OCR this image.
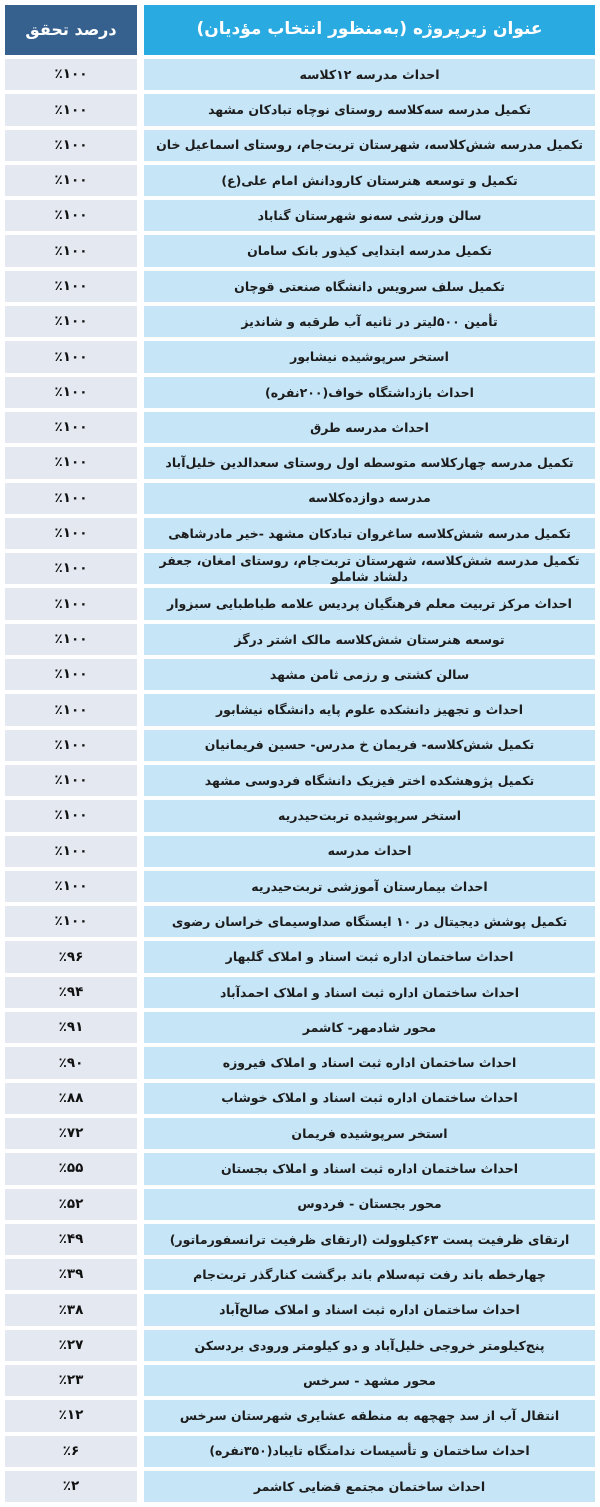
عنوان زیرپروژه (به‌منظور انتخاب مؤدیان)
درصد تحقق
احداث مدرسه ۱۲کلاسه
٪۱۰۰
تکمیل مدرسه سه‌کلاسه روستای نوچاه تبادکان مشهد
٪۱۰۰
تکمیل مدرسه شش‌کلاسه، شهرستان تربت‌جام، روستای اسماعیل خان
٪۱۰۰
تکمیل و توسعه هنرستان کارودانش امام علی(ع)
٪۱۰۰
سالن ورزشی سه‌نو شهرستان گناباد
٪۱۰۰
تکمیل مدرسه ابتدایی کیذور بانک سامان
٪۱۰۰
تکمیل سلف سرویس دانشگاه صنعتی قوچان
٪۱۰۰
تأمین ۵۰۰لیتر در ثانیه آب طرقبه و شاندیز
٪۱۰۰
استخر سرپوشیده نیشابور
٪۱۰۰
احداث بازداشتگاه خواف(۲۰۰نفره)
٪۱۰۰
احداث مدرسه طرق
٪۱۰۰
تکمیل مدرسه چهارکلاسه متوسطه اول روستای سعدالدین خلیل‌آباد
٪۱۰۰
مدرسه دوازده‌کلاسه
٪۱۰۰
تکمیل مدرسه شش‌کلاسه ساغروان تبادکان مشهد -خیر مادرشاهی
٪۱۰۰
تکمیل مدرسه شش‌کلاسه، شهرستان تربت‌جام، روستای امغان، جعفر دلشاد شاملو
٪۱۰۰
احداث مرکز تربیت معلم فرهنگیان پردیس علامه طباطبایی سبزوار
٪۱۰۰
توسعه هنرستان شش‌کلاسه مالک اشتر درگز
٪۱۰۰
سالن کشتی و رزمی ثامن مشهد
٪۱۰۰
احداث و تجهیز دانشکده علوم پایه دانشگاه نیشابور
٪۱۰۰
تکمیل شش‌کلاسه- فریمان خ مدرس- حسین فریمانیان
٪۱۰۰
تکمیل پژوهشکده اختر فیزیک دانشگاه فردوسی مشهد
٪۱۰۰
استخر سرپوشیده تربت‌حیدریه
٪۱۰۰
احداث مدرسه
٪۱۰۰
احداث بیمارستان آموزشی تربت‌حیدریه
٪۱۰۰
تکمیل پوشش دیجیتال در ۱۰ ایستگاه صداوسیمای خراسان رضوی
٪۱۰۰
احداث ساختمان اداره ثبت اسناد و املاک گلبهار
٪۹۶
احداث ساختمان اداره ثبت اسناد و املاک احمدآباد
٪۹۴
محور شادمهر- کاشمر
٪۹۱
احداث ساختمان اداره ثبت اسناد و املاک فیروزه
٪۹۰
احداث ساختمان اداره ثبت اسناد و املاک خوشاب
٪۸۸
استخر سرپوشیده فریمان
٪۷۲
احداث ساختمان اداره ثبت اسناد و املاک بجستان
٪۵۵
محور بجستان - فردوس
٪۵۲
ارتقای ظرفیت پست ۶۳کیلوولت (ارتقای ظرفیت ترانسفورماتور)
٪۴۹
چهارخطه باند رفت تپه‌سلام باند برگشت کنارگذر تربت‌جام
٪۳۹
احداث ساختمان اداره ثبت اسناد و املاک صالح‌آباد
٪۳۸
پنج‌کیلومتر خروجی خلیل‌آباد و دو کیلومتر ورودی بردسکن
٪۲۷
محور مشهد - سرخس
٪۲۳
انتقال آب از سد چهچهه به منطقه عشایری شهرستان سرخس
٪۱۲
احداث ساختمان و تأسیسات ندامتگاه تایباد(۳۵۰نفره)
٪۶
احداث ساختمان مجتمع قضایی کاشمر
٪۲
